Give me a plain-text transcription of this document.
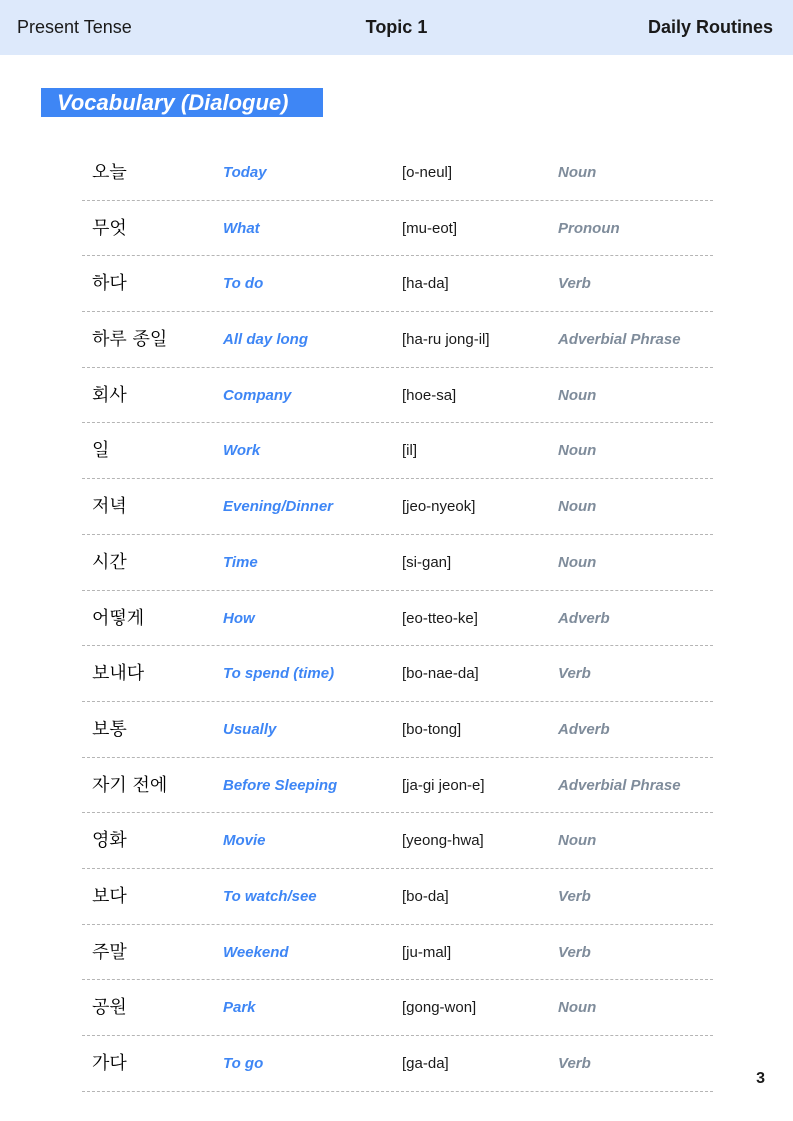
Present Tense	Topic 1	Daily Routines
Vocabulary (Dialogue)
오늘	Today	[o-neul]	Noun
무엇	What	[mu-eot]	Pronoun
하다	To do	[ha-da]	Verb
하루 종일	All day long	[ha-ru jong-il]	Adverbial Phrase
회사	Company	[hoe-sa]	Noun
일	Work	[il]	Noun
저녁	Evening/Dinner	[jeo-nyeok]	Noun
시간	Time	[si-gan]	Noun
어떻게	How	[eo-tteo-ke]	Adverb
보내다	To spend (time)	[bo-nae-da]	Verb
보통	Usually	[bo-tong]	Adverb
자기 전에	Before Sleeping	[ja-gi jeon-e]	Adverbial Phrase
영화	Movie	[yeong-hwa]	Noun
보다	To watch/see	[bo-da]	Verb
주말	Weekend	[ju-mal]	Verb
공원	Park	[gong-won]	Noun
가다	To go	[ga-da]	Verb
3
